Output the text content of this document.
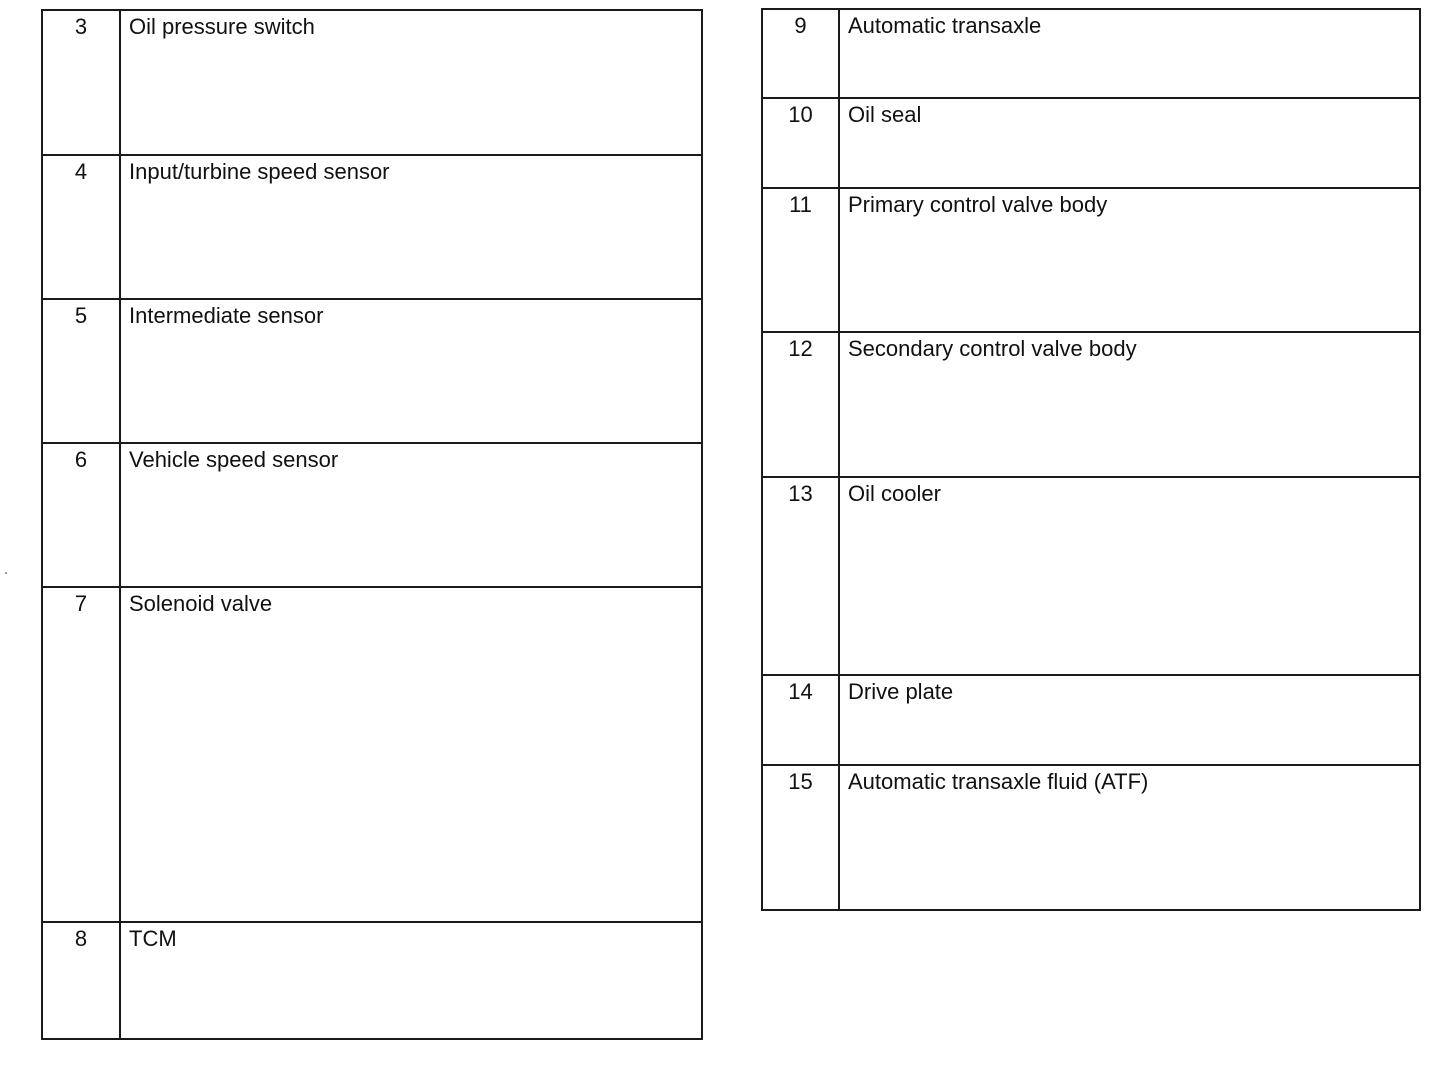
3	Oil pressure switch
4	Input/turbine speed sensor
5	Intermediate sensor
6	Vehicle speed sensor
7	Solenoid valve
8	TCM
9	Automatic transaxle
10	Oil seal
11	Primary control valve body
12	Secondary control valve body
13	Oil cooler
14	Drive plate
15	Automatic transaxle fluid (ATF)
